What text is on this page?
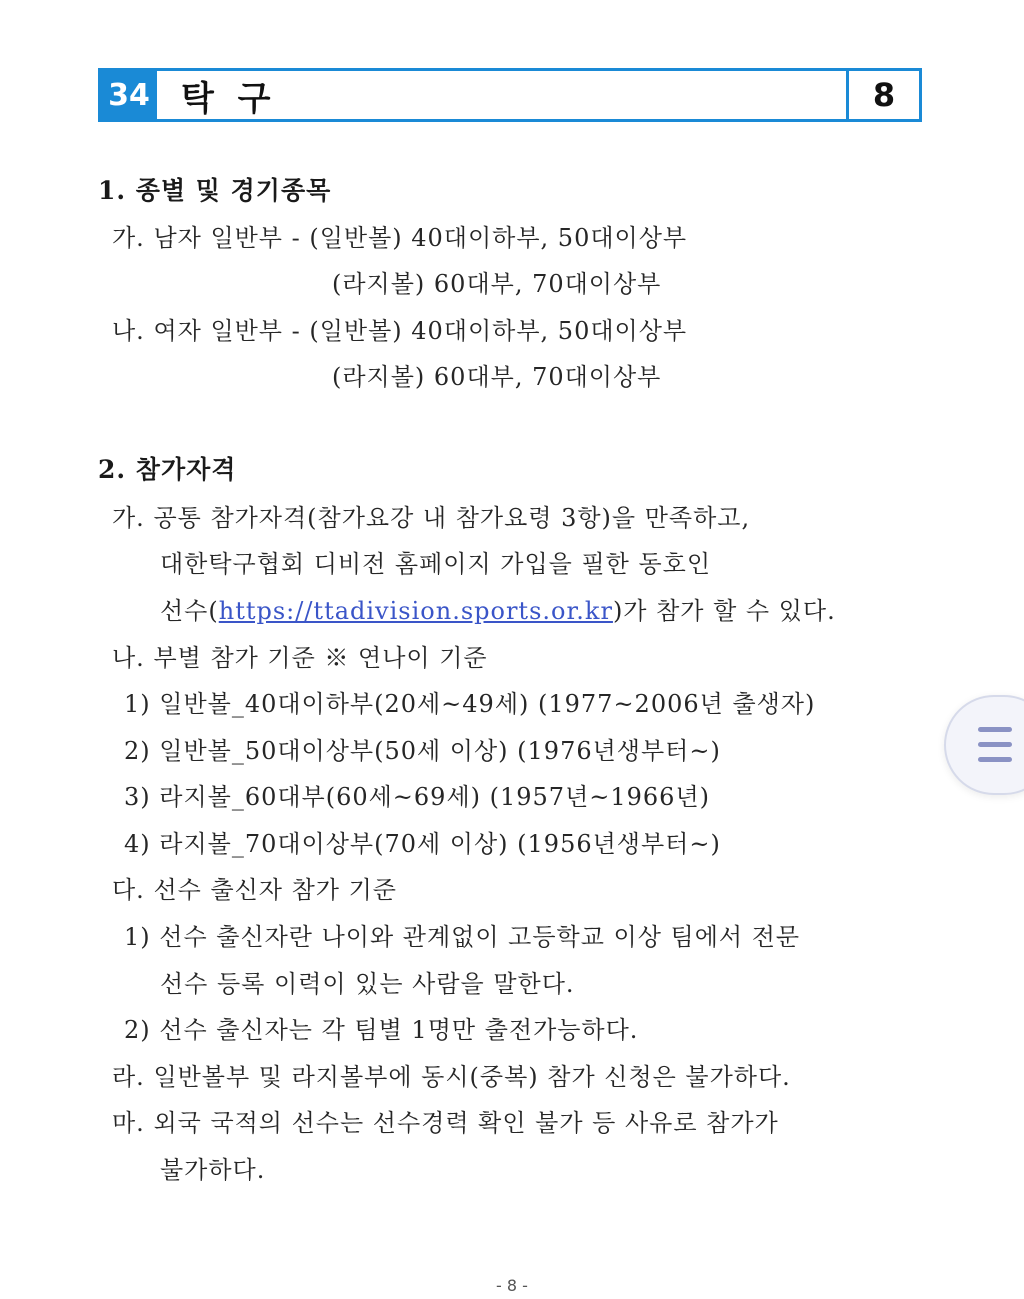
34 탁 구	8
1. 종별 및 경기종목
가. 남자 일반부 - (일반볼) 40대이하부, 50대이상부
(라지볼) 60대부, 70대이상부
나. 여자 일반부 - (일반볼) 40대이하부, 50대이상부
(라지볼) 60대부, 70대이상부
2. 참가자격
가. 공통 참가자격(참가요강 내 참가요령 3항)을 만족하고,
대한탁구협회 디비전 홈페이지 가입을 필한 동호인
선수(https://ttadivision.sports.or.kr)가 참가 할 수 있다.
나. 부별 참가 기준 ※ 연나이 기준
1) 일반볼_40대이하부(20세~49세) (1977~2006년 출생자)
2) 일반볼_50대이상부(50세 이상) (1976년생부터~)
3) 라지볼_60대부(60세~69세) (1957년~1966년)
4) 라지볼_70대이상부(70세 이상) (1956년생부터~)
다. 선수 출신자 참가 기준
1) 선수 출신자란 나이와 관계없이 고등학교 이상 팀에서 전문
선수 등록 이력이 있는 사람을 말한다.
2) 선수 출신자는 각 팀별 1명만 출전가능하다.
라. 일반볼부 및 라지볼부에 동시(중복) 참가 신청은 불가하다.
마. 외국 국적의 선수는 선수경력 확인 불가 등 사유로 참가가
불가하다.
- 8 -
